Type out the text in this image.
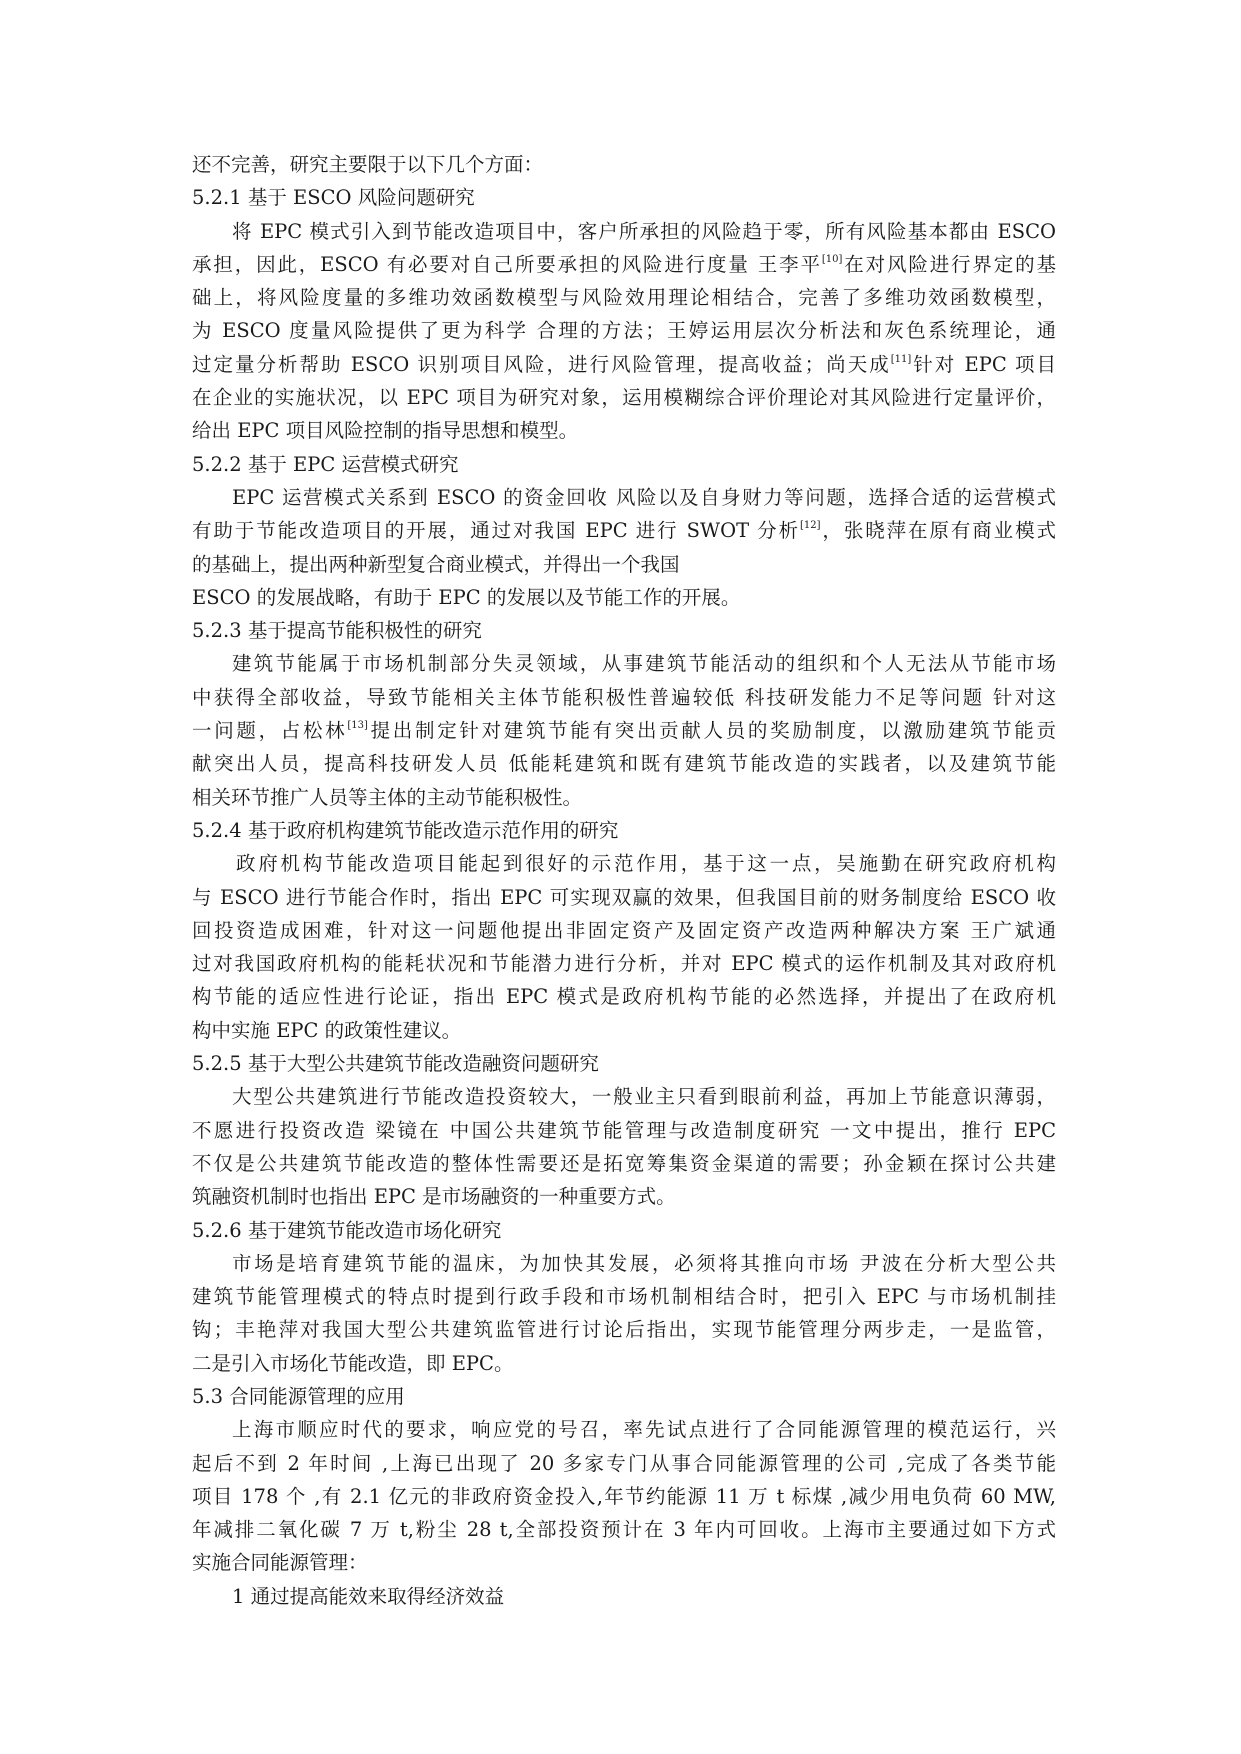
还不完善，研究主要限于以下几个方面：
5.2.1 基于 ESCO 风险问题研究
将 EPC 模式引入到节能改造项目中，客户所承担的风险趋于零，所有风险基本都由 ESCO
承担，因此，ESCO 有必要对自己所要承担的风险进行度量 王李平[10]在对风险进行界定的基
础上，将风险度量的多维功效函数模型与风险效用理论相结合，完善了多维功效函数模型，
为 ESCO 度量风险提供了更为科学 合理的方法；王婷运用层次分析法和灰色系统理论，通
过定量分析帮助 ESCO 识别项目风险，进行风险管理，提高收益；尚天成[11]针对 EPC 项目
在企业的实施状况，以 EPC 项目为研究对象，运用模糊综合评价理论对其风险进行定量评价，
给出 EPC 项目风险控制的指导思想和模型。
5.2.2 基于 EPC 运营模式研究
EPC 运营模式关系到 ESCO 的资金回收 风险以及自身财力等问题，选择合适的运营模式
有助于节能改造项目的开展，通过对我国 EPC 进行 SWOT 分析[12]，张晓萍在原有商业模式
的基础上，提出两种新型复合商业模式，并得出一个我国
ESCO 的发展战略，有助于 EPC 的发展以及节能工作的开展。
5.2.3 基于提高节能积极性的研究
建筑节能属于市场机制部分失灵领域，从事建筑节能活动的组织和个人无法从节能市场
中获得全部收益，导致节能相关主体节能积极性普遍较低 科技研发能力不足等问题 针对这
一问题，占松林[13]提出制定针对建筑节能有突出贡献人员的奖励制度，以激励建筑节能贡
献突出人员，提高科技研发人员 低能耗建筑和既有建筑节能改造的实践者，以及建筑节能
相关环节推广人员等主体的主动节能积极性。
5.2.4 基于政府机构建筑节能改造示范作用的研究
政府机构节能改造项目能起到很好的示范作用，基于这一点，吴施勤在研究政府机构
与 ESCO 进行节能合作时，指出 EPC 可实现双赢的效果，但我国目前的财务制度给 ESCO 收
回投资造成困难，针对这一问题他提出非固定资产及固定资产改造两种解决方案 王广斌通
过对我国政府机构的能耗状况和节能潜力进行分析，并对 EPC 模式的运作机制及其对政府机
构节能的适应性进行论证，指出 EPC 模式是政府机构节能的必然选择，并提出了在政府机
构中实施 EPC 的政策性建议。
5.2.5 基于大型公共建筑节能改造融资问题研究
大型公共建筑进行节能改造投资较大，一般业主只看到眼前利益，再加上节能意识薄弱，
不愿进行投资改造 梁镜在 中国公共建筑节能管理与改造制度研究 一文中提出，推行 EPC
不仅是公共建筑节能改造的整体性需要还是拓宽筹集资金渠道的需要；孙金颖在探讨公共建
筑融资机制时也指出 EPC 是市场融资的一种重要方式。
5.2.6 基于建筑节能改造市场化研究
市场是培育建筑节能的温床，为加快其发展，必须将其推向市场 尹波在分析大型公共
建筑节能管理模式的特点时提到行政手段和市场机制相结合时，把引入 EPC 与市场机制挂
钩；丰艳萍对我国大型公共建筑监管进行讨论后指出，实现节能管理分两步走，一是监管，
二是引入市场化节能改造，即 EPC。
5.3 合同能源管理的应用
上海市顺应时代的要求，响应党的号召，率先试点进行了合同能源管理的模范运行，兴
起后不到 2 年时间 ,上海已出现了 20 多家专门从事合同能源管理的公司 ,完成了各类节能
项目 178 个 ,有 2.1 亿元的非政府资金投入,年节约能源 11 万 t 标煤 ,减少用电负荷 60 MW,
年减排二氧化碳 7 万 t,粉尘 28 t,全部投资预计在 3 年内可回收。上海市主要通过如下方式
实施合同能源管理：
1 通过提高能效来取得经济效益
